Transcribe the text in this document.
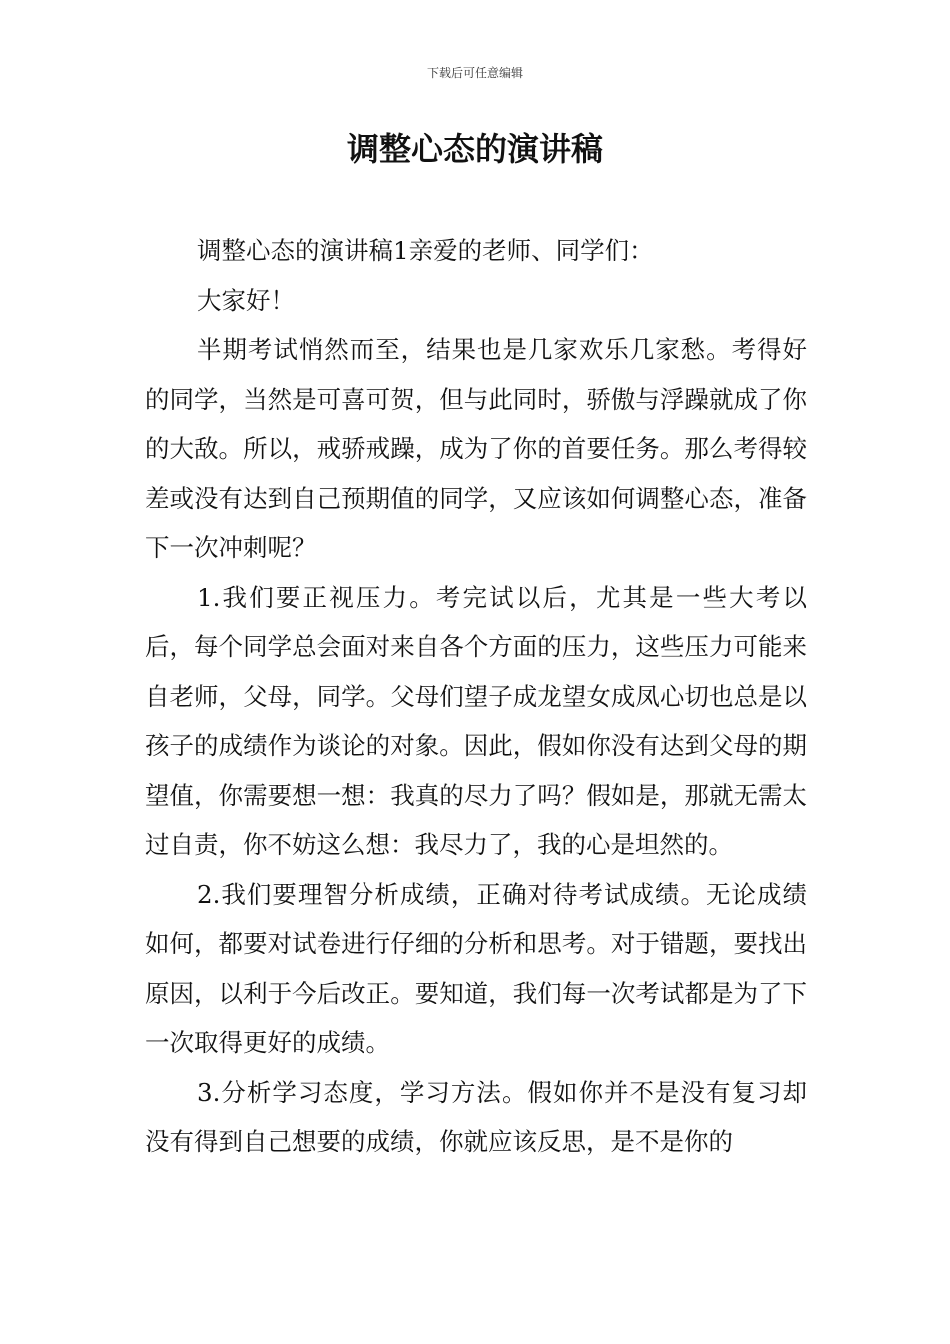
下载后可任意编辑
调整心态的演讲稿

调整心态的演讲稿1亲爱的老师、同学们：

大家好！

半期考试悄然而至，结果也是几家欢乐几家愁。考得好的同学，当然是可喜可贺，但与此同时，骄傲与浮躁就成了你的大敌。所以，戒骄戒躁，成为了你的首要任务。那么考得较差或没有达到自己预期值的同学，又应该如何调整心态，准备下一次冲刺呢？

1.我们要正视压力。考完试以后，尤其是一些大考以后，每个同学总会面对来自各个方面的压力，这些压力可能来自老师，父母，同学。父母们望子成龙望女成凤心切也总是以孩子的成绩作为谈论的对象。因此，假如你没有达到父母的期望值，你需要想一想：我真的尽力了吗？假如是，那就无需太过自责，你不妨这么想：我尽力了，我的心是坦然的。

2.我们要理智分析成绩，正确对待考试成绩。无论成绩如何，都要对试卷进行仔细的分析和思考。对于错题，要找出原因，以利于今后改正。要知道，我们每一次考试都是为了下一次取得更好的成绩。

3.分析学习态度，学习方法。假如你并不是没有复习却没有得到自己想要的成绩，你就应该反思，是不是你的
